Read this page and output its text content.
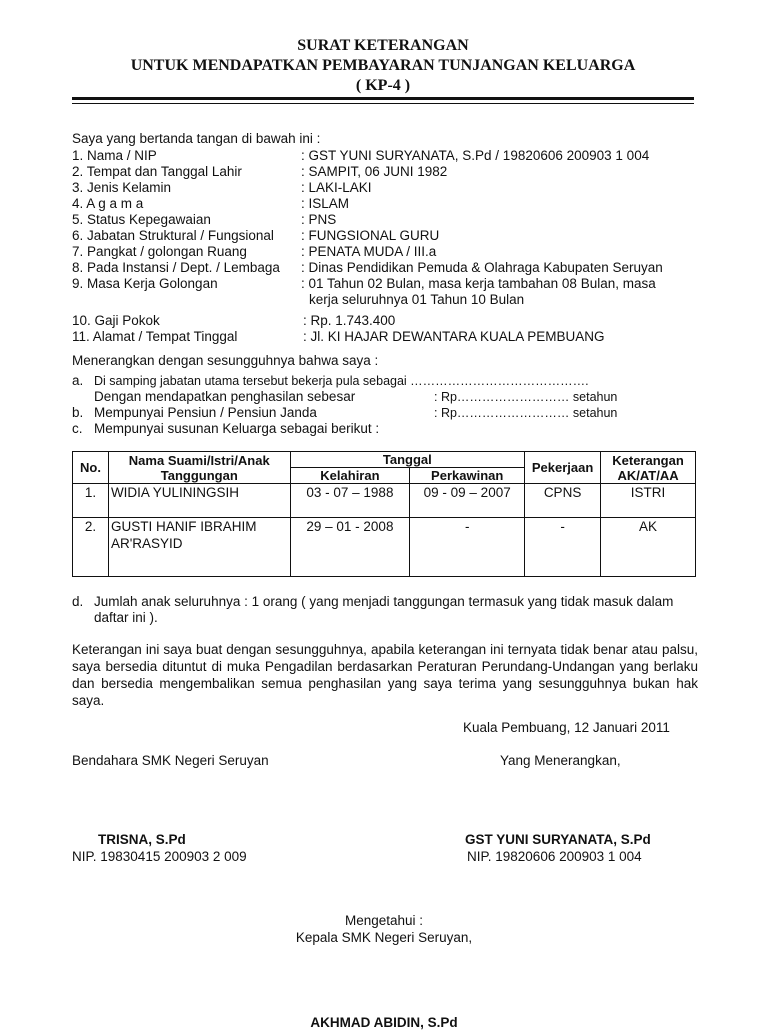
SURAT KETERANGAN
UNTUK MENDAPATKAN PEMBAYARAN TUNJANGAN KELUARGA
( KP-4 )
Saya yang bertanda tangan di bawah ini :
1. Nama / NIP	: GST YUNI SURYANATA, S.Pd / 19820606 200903 1 004
2. Tempat dan Tanggal Lahir	: SAMPIT, 06 JUNI 1982
3. Jenis Kelamin	: LAKI-LAKI
4. A g a m a	: ISLAM
5. Status Kepegawaian	: PNS
6. Jabatan Struktural / Fungsional : FUNGSIONAL GURU
7. Pangkat / golongan Ruang	: PENATA MUDA / III.a
8. Pada Instansi / Dept. / Lembaga : Dinas Pendidikan Pemuda & Olahraga Kabupaten Seruyan
9. Masa Kerja Golongan	: 01 Tahun 02 Bulan, masa kerja tambahan 08 Bulan, masa
kerja seluruhnya 01 Tahun 10 Bulan
10. Gaji Pokok	: Rp. 1.743.400
11. Alamat / Tempat Tinggal	: Jl. KI HAJAR DEWANTARA KUALA PEMBUANG
Menerangkan dengan sesungguhnya bahwa saya :
a. Di samping jabatan utama tersebut bekerja pula sebagai …………………………………….
Dengan mendapatkan penghasilan sebesar	: Rp……………………… setahun
b. Mempunyai Pensiun / Pensiun Janda	: Rp……………………… setahun
c. Mempunyai susunan Keluarga sebagai berikut :
No.	Nama Suami/Istri/Anak Tanggungan	Tanggal		Pekerjaan	Keterangan AK/AT/AA
		Kelahiran	Perkawinan		
1.	WIDIA YULININGSIH	03 - 07 – 1988	09 - 09 – 2007	CPNS	ISTRI
2.	GUSTI HANIF IBRAHIM
AR'RASYID	29 – 01 - 2008	-	-	AK
d. Jumlah anak seluruhnya : 1 orang ( yang menjadi tanggungan termasuk yang tidak masuk dalam daftar ini ).
Keterangan ini saya buat dengan sesungguhnya, apabila keterangan ini ternyata tidak benar atau palsu, saya bersedia dituntut di muka Pengadilan berdasarkan Peraturan Perundang-Undangan yang berlaku dan bersedia mengembalikan semua penghasilan yang saya terima yang sesungguhnya bukan hak saya.
Kuala Pembuang, 12 Januari 2011
Bendahara SMK Negeri Seruyan	Yang Menerangkan,
TRISNA, S.Pd
NIP. 19830415 200903 2 009
GST YUNI SURYANATA, S.Pd
NIP. 19820606 200903 1 004
Mengetahui :
Kepala SMK Negeri Seruyan,
AKHMAD ABIDIN, S.Pd
